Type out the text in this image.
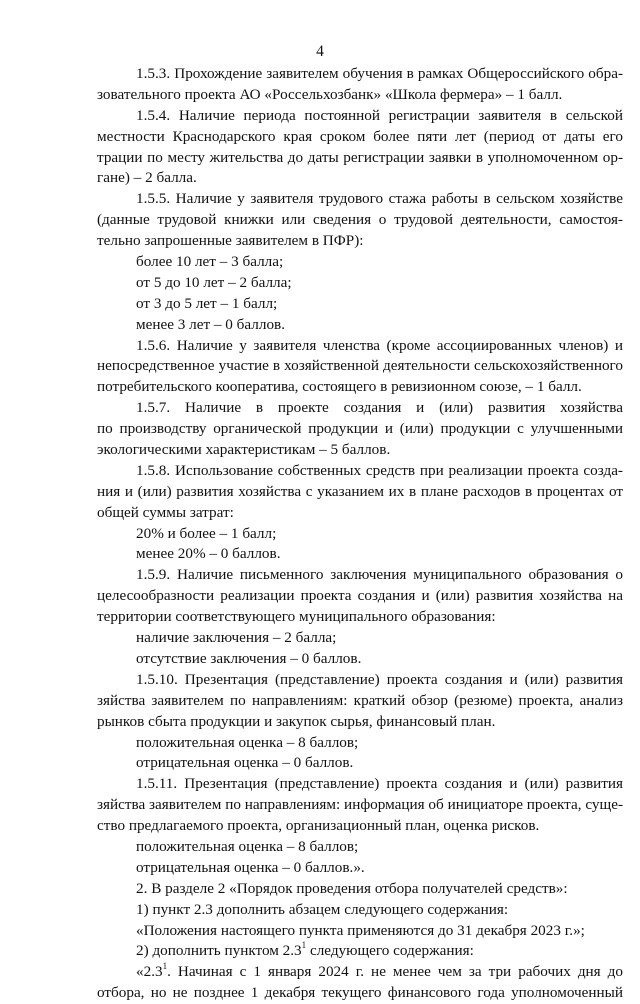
4
1.5.3. Прохождение заявителем обучения в рамках Общероссийского обра-
зовательного проекта АО «Россельхозбанк» «Школа фермера» – 1 балл.
1.5.4. Наличие периода постоянной регистрации заявителя в сельской
местности Краснодарского края сроком более пяти лет (период от даты его
трации по месту жительства до даты регистрации заявки в уполномоченном ор-
гане) – 2 балла.
1.5.5. Наличие у заявителя трудового стажа работы в сельском хозяйстве
(данные трудовой книжки или сведения о трудовой деятельности, самостоя-
тельно запрошенные заявителем в ПФР):
более 10 лет – 3 балла;
от 5 до 10 лет – 2 балла;
от 3 до 5 лет – 1 балл;
менее 3 лет – 0 баллов.
1.5.6. Наличие у заявителя членства (кроме ассоциированных членов) и
непосредственное участие в хозяйственной деятельности сельскохозяйственного
потребительского кооператива, состоящего в ревизионном союзе, – 1 балл.
1.5.7. Наличие в проекте создания и (или) развития хозяйства
по производству органической продукции и (или) продукции с улучшенными
экологическими характеристикам – 5 баллов.
1.5.8. Использование собственных средств при реализации проекта созда-
ния и (или) развития хозяйства с указанием их в плане расходов в процентах от
общей суммы затрат:
20% и более – 1 балл;
менее 20% – 0 баллов.
1.5.9. Наличие письменного заключения муниципального образования о
целесообразности реализации проекта создания и (или) развития хозяйства на
территории соответствующего муниципального образования:
наличие заключения – 2 балла;
отсутствие заключения – 0 баллов.
1.5.10. Презентация (представление) проекта создания и (или) развития
зяйства заявителем по направлениям: краткий обзор (резюме) проекта, анализ
рынков сбыта продукции и закупок сырья, финансовый план.
положительная оценка – 8 баллов;
отрицательная оценка – 0 баллов.
1.5.11. Презентация (представление) проекта создания и (или) развития
зяйства заявителем по направлениям: информация об инициаторе проекта, суще-
ство предлагаемого проекта, организационный план, оценка рисков.
положительная оценка – 8 баллов;
отрицательная оценка – 0 баллов.».
2. В разделе 2 «Порядок проведения отбора получателей средств»:
1) пункт 2.3 дополнить абзацем следующего содержания:
«Положения настоящего пункта применяются до 31 декабря 2023 г.»;
2) дополнить пунктом $2.3^1$ следующего содержания:
«$2.3^1$. Начиная с 1 января 2024 г. не менее чем за три рабочих дня до
отбора, но не позднее 1 декабря текущего финансового года уполномоченный
